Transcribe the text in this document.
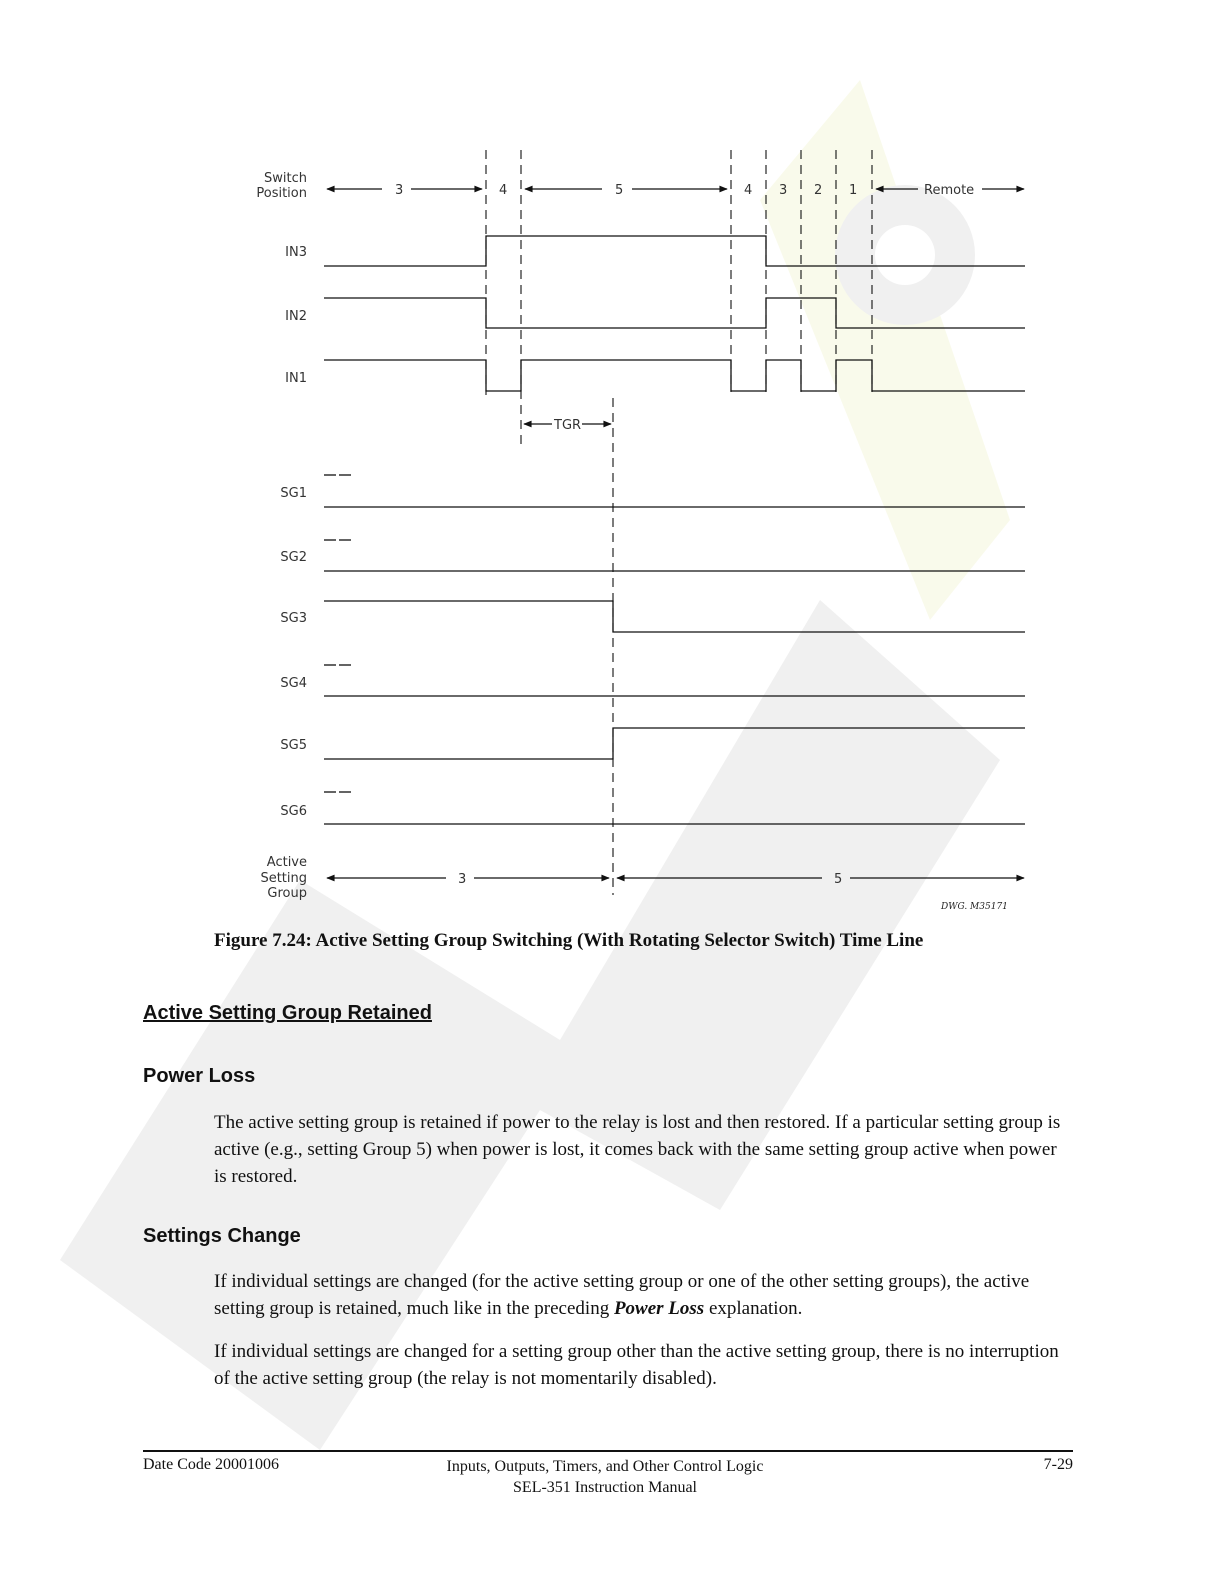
Switch
Position
IN3
IN2
IN1
SG1
SG2
SG3
SG4
SG5
SG6
Active
Setting
Group
3	4	5	4 3 2 1	Remote
TGR
3	5
DWG. M35171
Figure 7.24: Active Setting Group Switching (With Rotating Selector Switch) Time Line
Active Setting Group Retained
Power Loss

The active setting group is retained if power to the relay is lost and then restored. If a particular setting group is active (e.g., setting Group 5) when power is lost, it comes back with the same setting group active when power is restored.

Settings Change

If individual settings are changed (for the active setting group or one of the other setting groups), the active setting group is retained, much like in the preceding Power Loss explanation.

If individual settings are changed for a setting group other than the active setting group, there is no interruption of the active setting group (the relay is not momentarily disabled).

Date Code 20001006	Inputs, Outputs, Timers, and Other Control Logic
SEL-351 Instruction Manual
7-29
